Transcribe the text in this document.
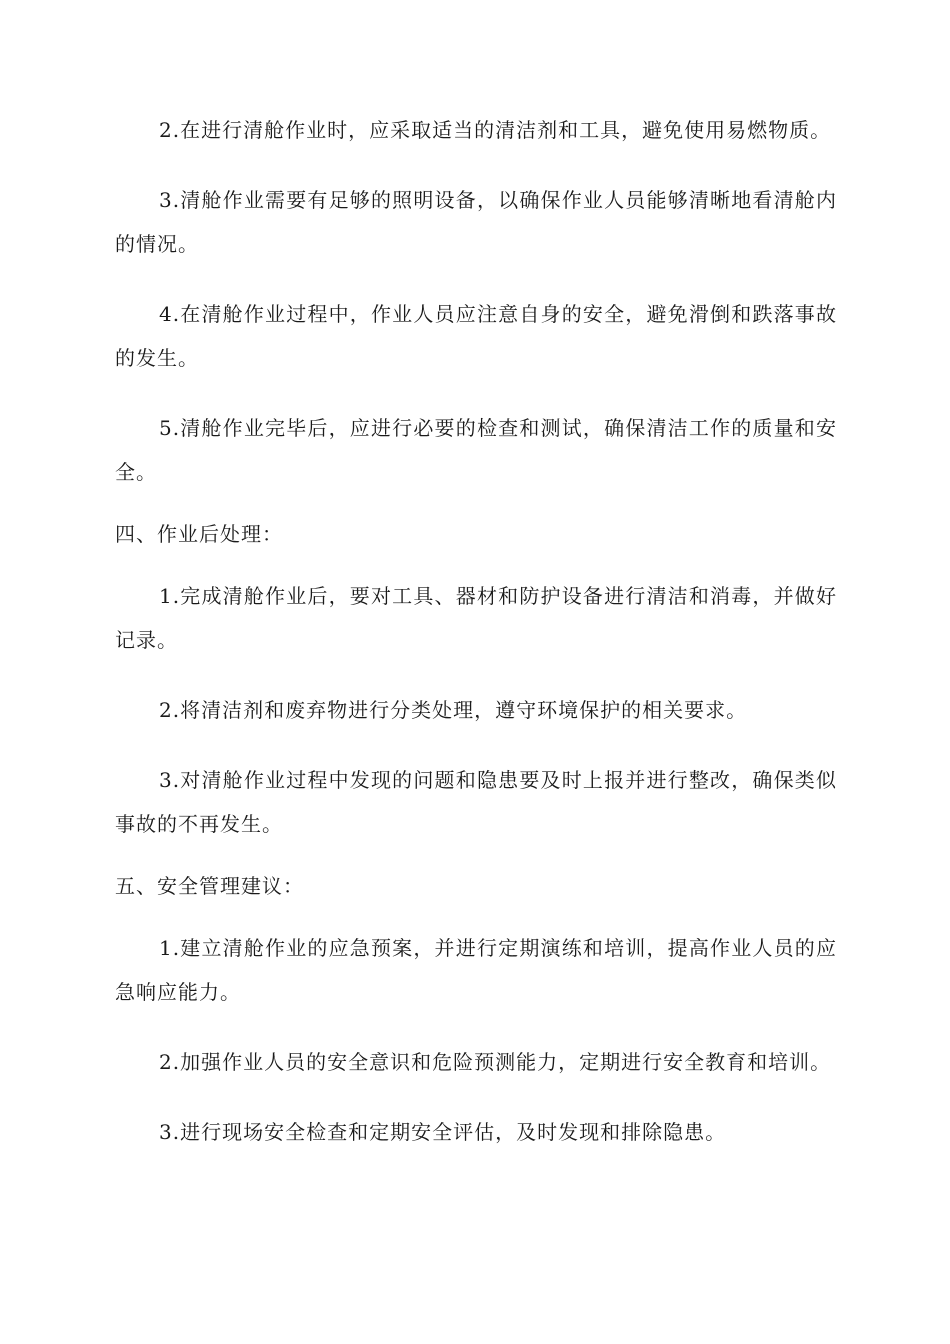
2.在进行清舱作业时，应采取适当的清洁剂和工具，避免使用易燃物质。

3.清舱作业需要有足够的照明设备，以确保作业人员能够清晰地看清舱内的情况。

4.在清舱作业过程中，作业人员应注意自身的安全，避免滑倒和跌落事故的发生。

5.清舱作业完毕后，应进行必要的检查和测试，确保清洁工作的质量和安全。

四、作业后处理：

1.完成清舱作业后，要对工具、器材和防护设备进行清洁和消毒，并做好记录。

2.将清洁剂和废弃物进行分类处理，遵守环境保护的相关要求。

3.对清舱作业过程中发现的问题和隐患要及时上报并进行整改，确保类似事故的不再发生。

五、安全管理建议：

1.建立清舱作业的应急预案，并进行定期演练和培训，提高作业人员的应急响应能力。

2.加强作业人员的安全意识和危险预测能力，定期进行安全教育和培训。

3.进行现场安全检查和定期安全评估，及时发现和排除隐患。
